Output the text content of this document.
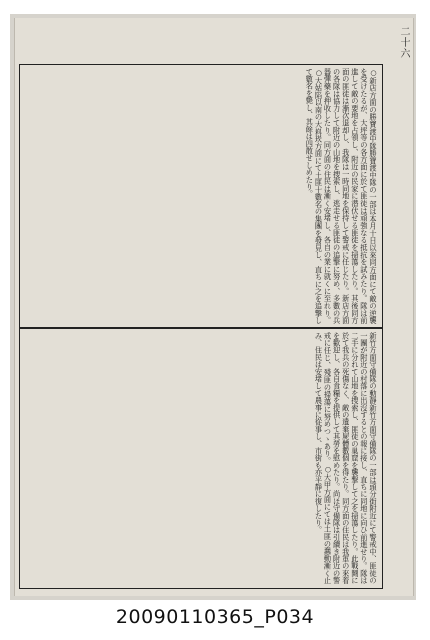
二十六
○新店方面の勝寶渡中隊勝寶渡中隊の一部は本月十日以來同方面にて敵の逆襲を受けたるが、大坪等の各方面に於て匪徒は頑強なる抵抗を試みたり。隊は前進して敵の要地を占領し、附近の民家に潜伏せる匪徒を掃蕩したり。其後同方面の匪徒は漸次退却し、我隊は一時同地を保持して警戒に任じたり。新店方面の各隊は協力して附近の山地を捜索し、逃走せる匪徒の追撃に努め、多數の兵器彈藥を押收したり。同方面の住民は漸く安堵し、各自の業に就くに至れり。○大姑陷以南の大嵙崁方面にて土匪十數名の集團を發見し、直ちに之を追撃して數名を斃し、其餘は四散せしめたり。
新竹方面守備隊の動靜新竹方面守備隊の一部は頭分街附近にて警戒中、匪徒の一團が附近の村落に出沒するとの報に接し、直ちに同地に向ひ前進せり。隊は二手に分れて山地を捜索し、匪徒の巢窟を襲撃して之を掃蕩したり。此戰鬪に於て我兵の死傷なく、敵の遺棄屍體數個を得たり。同方面の住民は我軍の來着を歡迎し、各自食糧を提供して其勞を慰めたり。尚ほ守備隊は引續き附近の警戒に任じ、殘匪の掃蕩に努めつゝあり。○大甲方面にては土匪の蠢動漸く止み、住民は安堵して農事に從事し、市街も亦平靜に復したり。
20090110365_P034
